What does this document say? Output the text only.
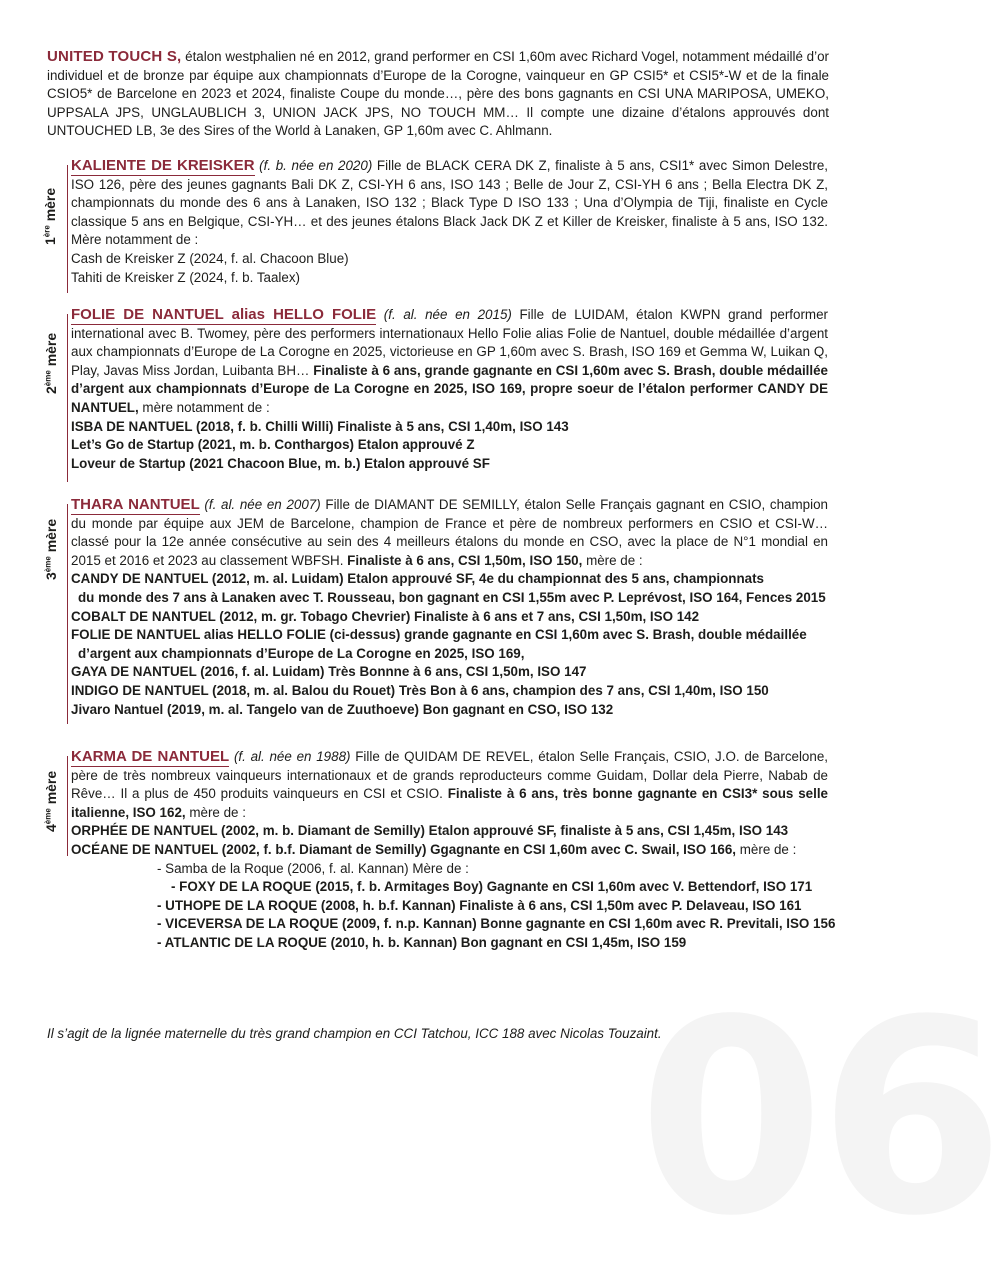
06

UNITED TOUCH S, étalon westphalien né en 2012, grand performer en CSI 1,60m avec Richard Vogel, notamment médaillé d’or individuel et de bronze par équipe aux championnats d’Europe de la Corogne, vainqueur en GP CSI5* et CSI5*-W et de la finale CSIO5* de Barcelone en 2023 et 2024, finaliste Coupe du monde…, père des bons gagnants en CSI UNA MARIPOSA, UMEKO, UPPSALA JPS, UNGLAUBLICH 3, UNION JACK JPS, NO TOUCH MM… Il compte une dizaine d’étalons approuvés dont UNTOUCHED LB, 3e des Sires of the World à Lanaken, GP 1,60m avec C. Ahlmann.

1ère mère
KALIENTE DE KREISKER (f. b. née en 2020) Fille de BLACK CERA DK Z, finaliste à 5 ans, CSI1* avec Simon Delestre, ISO 126, père des jeunes gagnants Bali DK Z, CSI-YH 6 ans, ISO 143 ; Belle de Jour Z, CSI-YH 6 ans ; Bella Electra DK Z, championnats du monde des 6 ans à Lanaken, ISO 132 ; Black Type D ISO 133 ; Una d’Olympia de Tiji, finaliste en Cycle classique 5 ans en Belgique, CSI-YH… et des jeunes étalons Black Jack DK Z et Killer de Kreisker, finaliste à 5 ans, ISO 132. Mère notamment de :
Cash de Kreisker Z (2024, f. al. Chacoon Blue)
Tahiti de Kreisker Z (2024, f. b. Taalex)
2ème mère
FOLIE DE NANTUEL alias HELLO FOLIE (f. al. née en 2015) Fille de LUIDAM, étalon KWPN grand performer international avec B. Twomey, père des performers internationaux Hello Folie alias Folie de Nantuel, double médaillée d’argent aux championnats d’Europe de La Corogne en 2025, victorieuse en GP 1,60m avec S. Brash, ISO 169 et Gemma W, Luikan Q, Play, Javas Miss Jordan, Luibanta BH… Finaliste à 6 ans, grande gagnante en CSI 1,60m avec S. Brash, double médaillée d’argent aux championnats d’Europe de La Corogne en 2025, ISO 169, propre soeur de l’étalon performer CANDY DE NANTUEL, mère notamment de :
ISBA DE NANTUEL (2018, f. b. Chilli Willi) Finaliste à 5 ans, CSI 1,40m, ISO 143
Let’s Go de Startup (2021, m. b. Conthargos) Etalon approuvé Z
Loveur de Startup (2021 Chacoon Blue, m. b.) Etalon approuvé SF
3ème mère
THARA NANTUEL (f. al. née en 2007) Fille de DIAMANT DE SEMILLY, étalon Selle Français gagnant en CSIO, champion du monde par équipe aux JEM de Barcelone, champion de France et père de nombreux performers en CSIO et CSI-W… classé pour la 12e année consécutive au sein des 4 meilleurs étalons du monde en CSO, avec la place de N°1 mondial en 2015 et 2016 et 2023 au classement WBFSH. Finaliste à 6 ans, CSI 1,50m, ISO 150, mère de :
CANDY DE NANTUEL (2012, m. al. Luidam) Etalon approuvé SF, 4e du championnat des 5 ans, championnats
du monde des 7 ans à Lanaken avec T. Rousseau, bon gagnant en CSI 1,55m avec P. Leprévost, ISO 164, Fences 2015
COBALT DE NANTUEL (2012, m. gr. Tobago Chevrier) Finaliste à 6 ans et 7 ans, CSI 1,50m, ISO 142
FOLIE DE NANTUEL alias HELLO FOLIE (ci-dessus) grande gagnante en CSI 1,60m avec S. Brash, double médaillée
d’argent aux championnats d’Europe de La Corogne en 2025, ISO 169,
GAYA DE NANTUEL (2016, f. al. Luidam) Très Bonnne à 6 ans, CSI 1,50m, ISO 147
INDIGO DE NANTUEL (2018, m. al. Balou du Rouet) Très Bon à 6 ans, champion des 7 ans, CSI 1,40m, ISO 150
Jivaro Nantuel (2019, m. al. Tangelo van de Zuuthoeve) Bon gagnant en CSO, ISO 132
4ème mère
KARMA DE NANTUEL (f. al. née en 1988) Fille de QUIDAM DE REVEL, étalon Selle Français, CSIO, J.O. de Barcelone, père de très nombreux vainqueurs internationaux et de grands reproducteurs comme Guidam, Dollar dela Pierre, Nabab de Rêve… Il a plus de 450 produits vainqueurs en CSI et CSIO. Finaliste à 6 ans, très bonne gagnante en CSI3* sous selle italienne, ISO 162, mère de :
ORPHÉE DE NANTUEL (2002, m. b. Diamant de Semilly) Etalon approuvé SF, finaliste à 5 ans, CSI 1,45m, ISO 143
OCÉANE DE NANTUEL (2002, f. b.f. Diamant de Semilly) Ggagnante en CSI 1,60m avec C. Swail, ISO 166, mère de :
- Samba de la Roque (2006, f. al. Kannan) Mère de :
- FOXY DE LA ROQUE (2015, f. b. Armitages Boy) Gagnante en CSI 1,60m avec V. Bettendorf, ISO 171
- UTHOPE DE LA ROQUE (2008, h. b.f. Kannan) Finaliste à 6 ans, CSI 1,50m avec P. Delaveau, ISO 161
- VICEVERSA DE LA ROQUE (2009, f. n.p. Kannan) Bonne gagnante en CSI 1,60m avec R. Previtali, ISO 156
- ATLANTIC DE LA ROQUE (2010, h. b. Kannan) Bon gagnant en CSI 1,45m, ISO 159
Il s’agit de la lignée maternelle du très grand champion en CCI Tatchou, ICC 188 avec Nicolas Touzaint.
